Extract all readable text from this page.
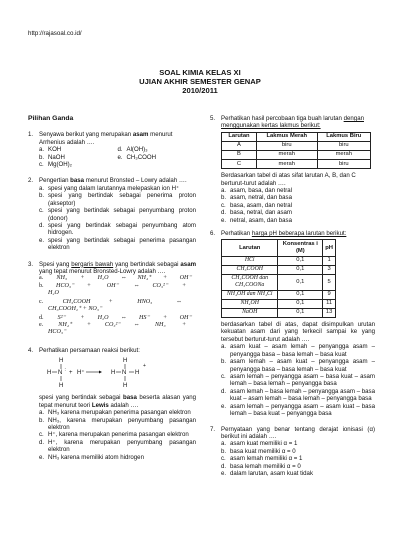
http://rajasoal.co.id/
SOAL KIMIA KELAS XI
UJIAN AKHIR SEMESTER GENAP
2010/2011
Pilihan Ganda
1. Senyawa berikut yang merupakan asam menurut Arrhenius adalah ….
a. KOH	d. Al(OH)₃
b. NaOH	e. CH₃COOH
c. Mg(OH)₂
2. Pengertian basa menurut Bronsted – Lowry adalah ….
a. spesi yang dalam larutannya melepaskan ion H⁺
b. spesi yang bertindak sebagai penerima proton (akseptor)
c. spesi yang bertindak sebagai penyumbang proton (donor)
d. spesi yang bertindak sebagai penyumbang atom hidrogen.
e. spesi yang bertindak sebagai penerima pasangan elektron
3. Spesi yang bergaris bawah yang bertindak sebagai asam yang tepat menurut Bronsted-Lowry adalah ….
a.	NH₃	+	H₂O	⇔	NH₄⁺	+	OH⁻
b.	HCO₃⁻	+	OH⁻	⇔	CO₃²⁻	+
H₂O
c.	CH₃COOH	+	HNO₃	⇔
CH₃COOH₂⁺ + NO₃⁻
d.	S²⁻	+	H₂O	⇔	HS⁻	+	OH⁻
e.	NH₄⁺	+	CO₃²⁻	⇔	NH₃	+
HCO₃⁻
4. Perhatikan persamaan reaksi berikut:
H
H N : + H⁺
H
H
H N H
H
+
spesi yang bertindak sebagai basa beserta alasan yang tepat menurut teori Lewis adalah ….
a. NH₃ karena merupakan penerima pasangan elektron
b. NH₃, karena merupakan penyumbang pasangan elektron
c. H⁺, karena merupakan penerima pasangan elektron
d. H⁺, karena merupakan penyumbang pasangan elektron
e. NH₃ karena memiliki atom hidrogen
5. Perhatikan hasil percobaan tiga buah larutan dengan menggunakan kertas lakmus berikut:
Larutan	Lakmus Merah	Lakmus Biru
A	biru	biru
B	merah	merah
C	merah	biru
Berdasarkan tabel di atas sifat larutan A, B, dan C berturut-turut adalah ….
a. asam, basa, dan netral
b. asam, netral, dan basa
c. basa, asam, dan netral
d. basa, netral, dan asam
e. netral, asam, dan basa
6. Perhatikan harga pH beberapa larutan berikut:
Larutan	Konsentras i (M)	pH
HCl	0,1	1
CH₃COOH	0,1	3
CH₃COOH dan CH₃COONa	0,1	5
NH₄OH dan NH₄Cl	0,1	9
NH₄OH	0,1	11
NaOH	0,1	13
berdasarkan tabel di atas, dapat disimpulkan urutan kekuatan asam dari yang terkecil sampai ke yang tersebut berturut-turut adalah ….
a. asam kuat – asam lemah – penyangga asam – penyangga basa – basa lemah – basa kuat
b. asam lemah – asam kuat – penyangga asam – penyangga basa – basa lemah – basa kuat
c. asam lemah – penyangga asam – basa kuat – asam lemah – basa lemah – penyangga basa
d. asam lemah – basa lemah – penyangga asam – basa kuat – asam lemah – basa lemah – penyangga basa
e. asam lemah – penyangga asam – asam kuat – basa lemah – basa kuat – penyangga basa
7. Pernyataan yang benar tentang derajat ionisasi (α) berikut ini adalah ….
a. asam kuat memiliki α = 1
b. basa kuat memiliki α = 0
c. asam lemah memiliki α = 1
d. basa lemah memiliki α = 0
e. dalam larutan, asam kuat tidak
